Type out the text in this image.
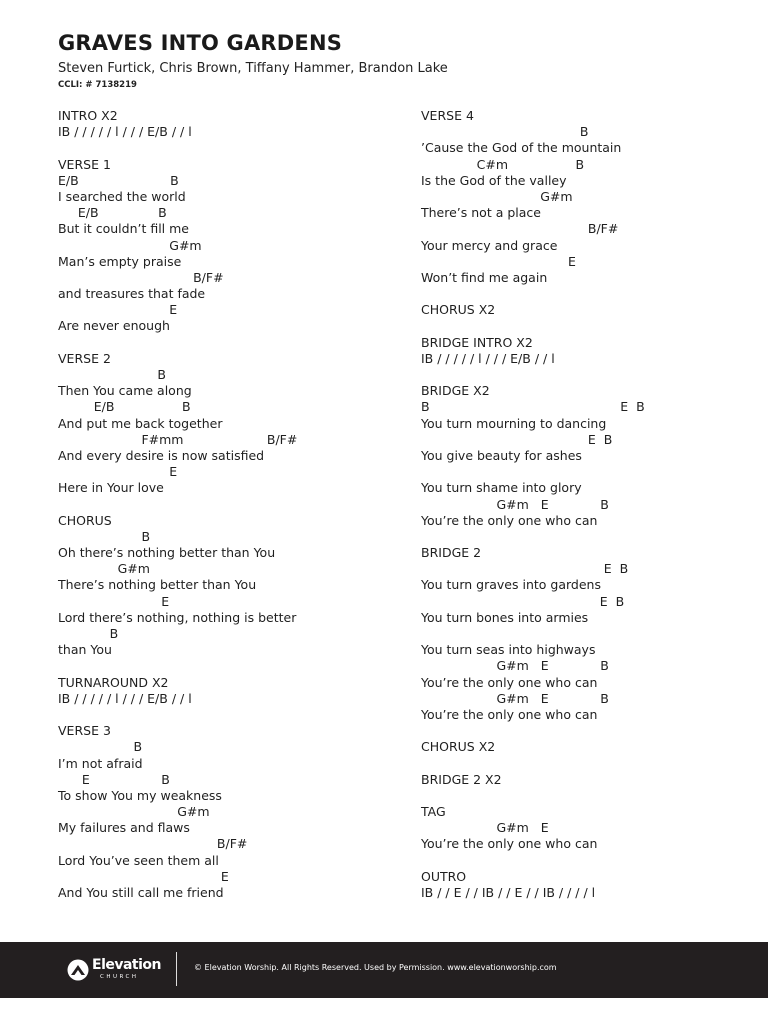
GRAVES INTO GARDENS
Steven Furtick, Chris Brown, Tiffany Hammer, Brandon Lake
CCLI: # 7138219
INTRO X2
IB / / / / / l / / / E/B / / l
VERSE 1
E/B                       B
I searched the world
E/B               B
But it couldn’t fill me
G#m
Man’s empty praise
B/F#
and treasures that fade
E
Are never enough
VERSE 2
B
Then You came along
E/B                 B
And put me back together
F#mm                     B/F#
And every desire is now satisfied
E
Here in Your love
CHORUS
B
Oh there’s nothing better than You
G#m
There’s nothing better than You
E
Lord there’s nothing, nothing is better
B
than You
TURNAROUND X2
IB / / / / / l / / / E/B / / l
VERSE 3
B
I’m not afraid
E                  B
To show You my weakness
G#m
My failures and flaws
B/F#
Lord You’ve seen them all
E
And You still call me friend
VERSE 4
B
’Cause the God of the mountain
C#m                 B
Is the God of the valley
G#m
There’s not a place
B/F#
Your mercy and grace
E
Won’t find me again
CHORUS X2
BRIDGE INTRO X2
IB / / / / / l / / / E/B / / l
BRIDGE X2
B                                                E  B
You turn mourning to dancing
E  B
You give beauty for ashes
You turn shame into glory
G#m   E             B
You’re the only one who can
BRIDGE 2
E  B
You turn graves into gardens
E  B
You turn bones into armies
You turn seas into highways
G#m   E             B
You’re the only one who can
G#m   E             B
You’re the only one who can
CHORUS X2
BRIDGE 2 X2
TAG
G#m   E
You’re the only one who can
OUTRO
IB / / E / / IB / / E / / IB / / / / l
Elevation
CHURCH
© Elevation Worship. All Rights Reserved. Used by Permission. www.elevationworship.com
